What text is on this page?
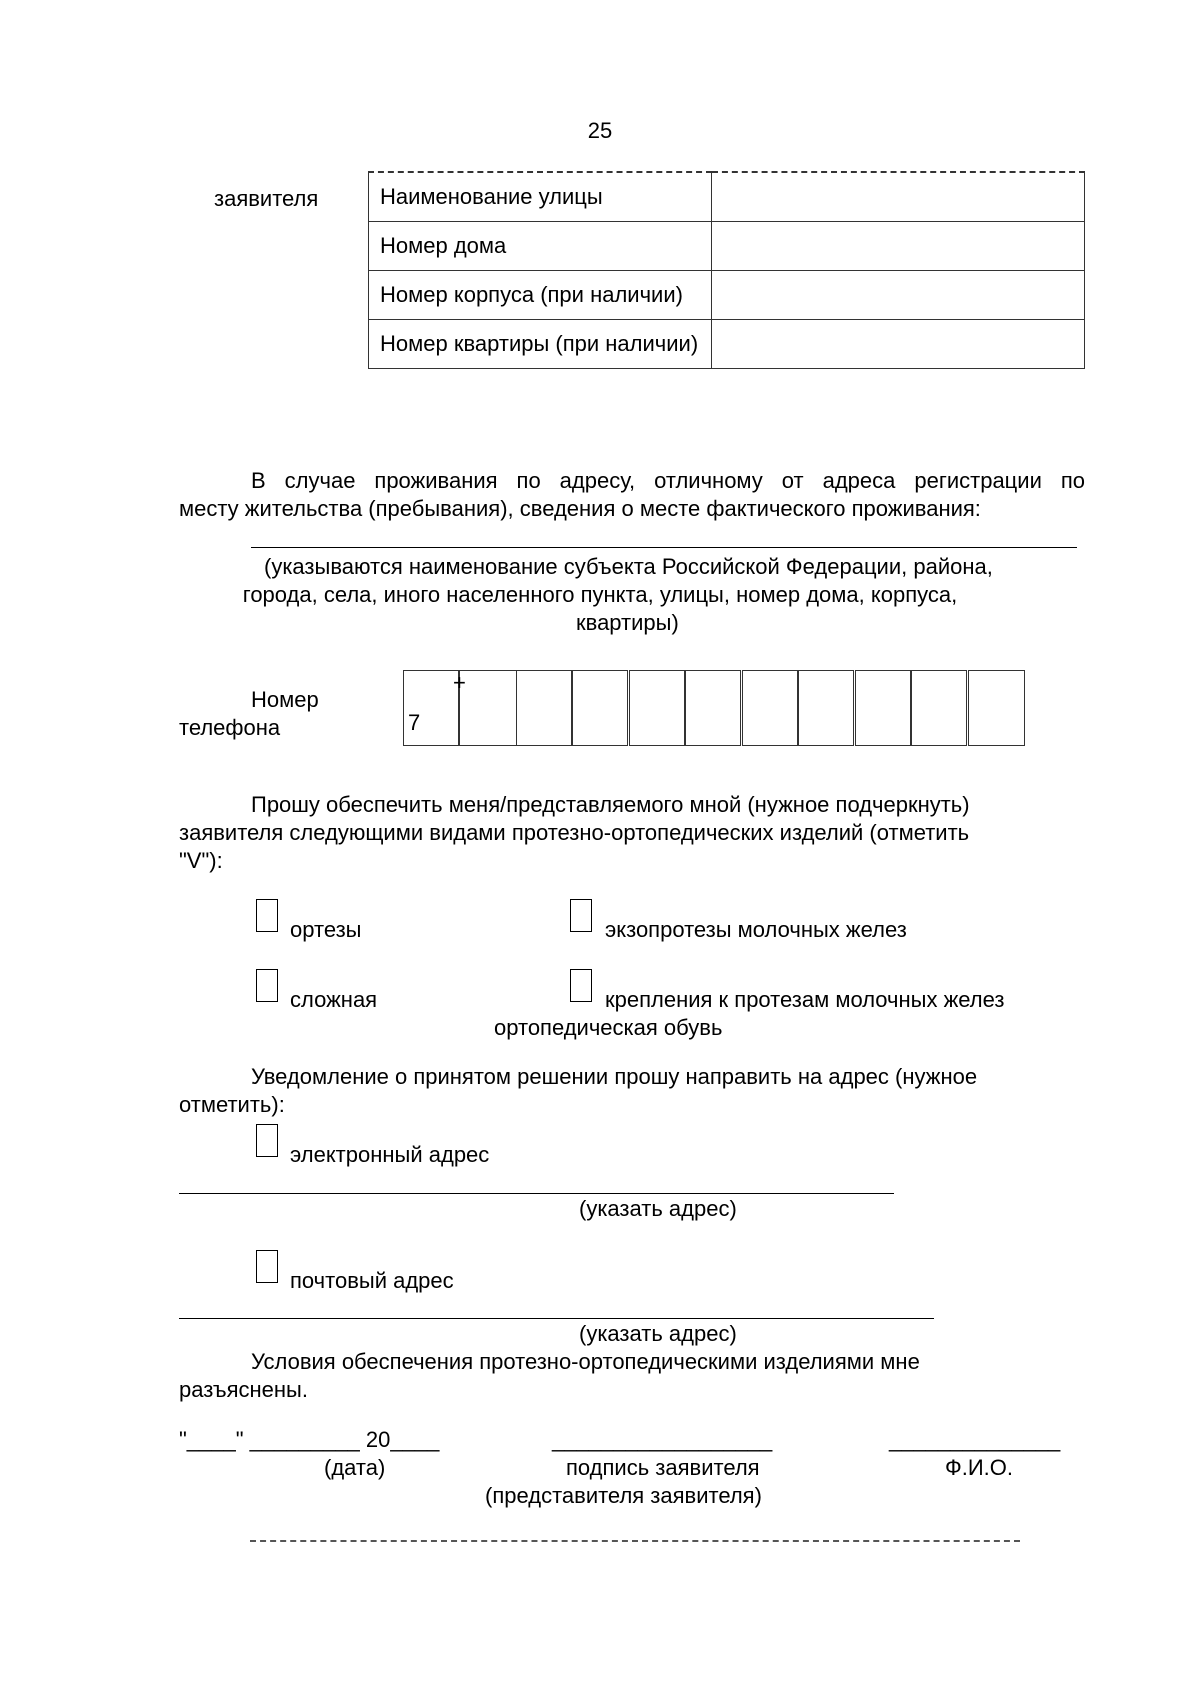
25
заявителя	Наименование улицы	
Номер дома	
Номер корпуса (при наличии)	
Номер квартиры (при наличии)	
В случае проживания по адресу, отличному от адреса регистрации по
месту жительства (пребывания), сведения о месте фактического проживания:
(указываются наименование субъекта Российской Федерации, района,
города, села, иного населенного пункта, улицы, номер дома, корпуса,
квартиры)
Номер
телефона	7
+
Прошу обеспечить меня/представляемого мной (нужное подчеркнуть)
заявителя следующими видами протезно-ортопедических изделий (отметить
"V"):
ортезы	экзопротезы молочных желез
сложная	крепления к протезам молочных желез
ортопедическая обувь
Уведомление о принятом решении прошу направить на адрес (нужное
отметить):
электронный адрес
(указать адрес)
почтовый адрес
(указать адрес)
Условия обеспечения протезно-ортопедическими изделиями мне
разъяснены.
"____" _________ 20____
(дата)
__________________
подпись заявителя
(представителя заявителя)
______________
Ф.И.О.
